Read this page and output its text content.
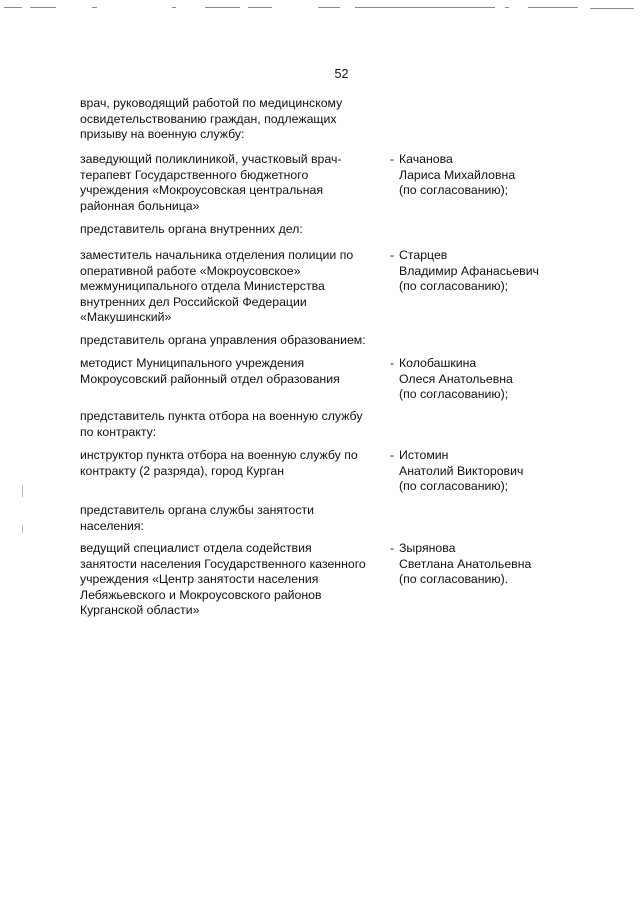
52
врач, руководящий работой по медицинскому
освидетельствованию граждан, подлежащих
призыву на военную службу:
заведующий поликлиникой, участковый врач-
терапевт Государственного бюджетного
учреждения «Мокроусовская центральная
районная больница»
- Качанова
Лариса Михайловна
(по согласованию);
представитель органа внутренних дел:
заместитель начальника отделения полиции по
оперативной работе «Мокроусовское»
межмуниципального отдела Министерства
внутренних дел Российской Федерации
«Макушинский»
- Старцев
Владимир Афанасьевич
(по согласованию);
представитель органа управления образованием:
методист Муниципального учреждения
Мокроусовский районный отдел образования
- Колобашкина
Олеся Анатольевна
(по согласованию);
представитель пункта отбора на военную службу
по контракту:
инструктор пункта отбора на военную службу по
контракту (2 разряда), город Курган
- Истомин
Анатолий Викторович
(по согласованию);
представитель органа службы занятости
населения:
ведущий специалист отдела содействия
занятости населения Государственного казенного
учреждения «Центр занятости населения
Лебяжьевского и Мокроусовского районов
Курганской области»
- Зырянова
Светлана Анатольевна
(по согласованию).
